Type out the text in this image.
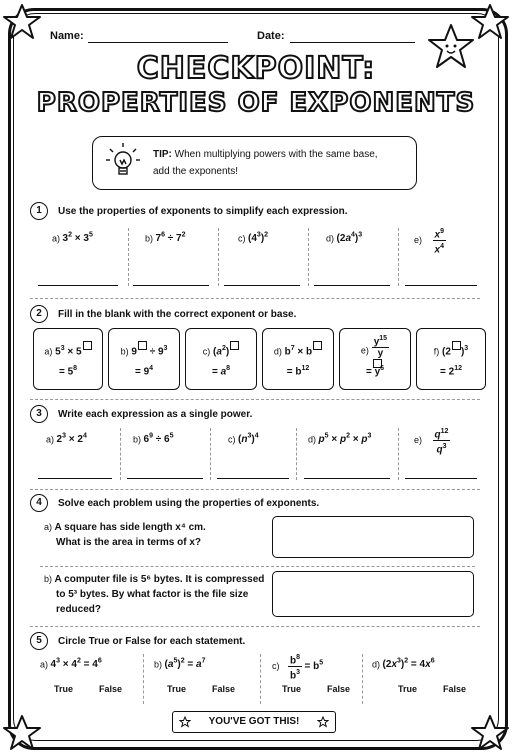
Name:	Date:
CHECKPOINT:
PROPERTIES OF EXPONENTS
TIP: When multiplying powers with the same base,
add the exponents!
1	Use the properties of exponents to simplify each expression.
a) $3^2 \times 3^5$	b) $7^6 \div 7^2$	c) $(4^3)^2$	d) $(2a^4)^3$	$e) \frac{x^9}{x^4}$
2	Fill in the blank with the correct exponent or base.
a) $5^3 \times 5$
= $5^8$
b) $9 \div 9^3$
= $9^4$
c) $(a^2)$
= $a^8$
d) $b^7 \times b$
= $b^{12}$
$e) \frac{y^{15}}{y}$
= $y^6$
f) (2 )$^3$
= $2^{12}$
3	Write each expression as a single power.
a) $2^3 \times 2^4$	b) $6^9 \div 6^5$	c) $(n^3)^4$	d) $p^5 \times p^2 \times p^3$	$e) \frac{q^{12}}{q^3}$
4	Solve each problem using the properties of exponents.
a) A square has side length x⁴ cm.
What is the area in terms of x?
b) A computer file is 5⁶ bytes. It is compressed
to 5³ bytes. By what factor is the file size
reduced?
5	Circle True or False for each statement.
a) $4^3 \times 4^2 = 4^6$	b) $(a^5)^2 = a^7$	$c) \frac{b^8}{b^3} = b^5$	d) $(2x^3)^2 = 4x^6$
True	False	True	False	True	False	True	False
YOU'VE GOT THIS!
